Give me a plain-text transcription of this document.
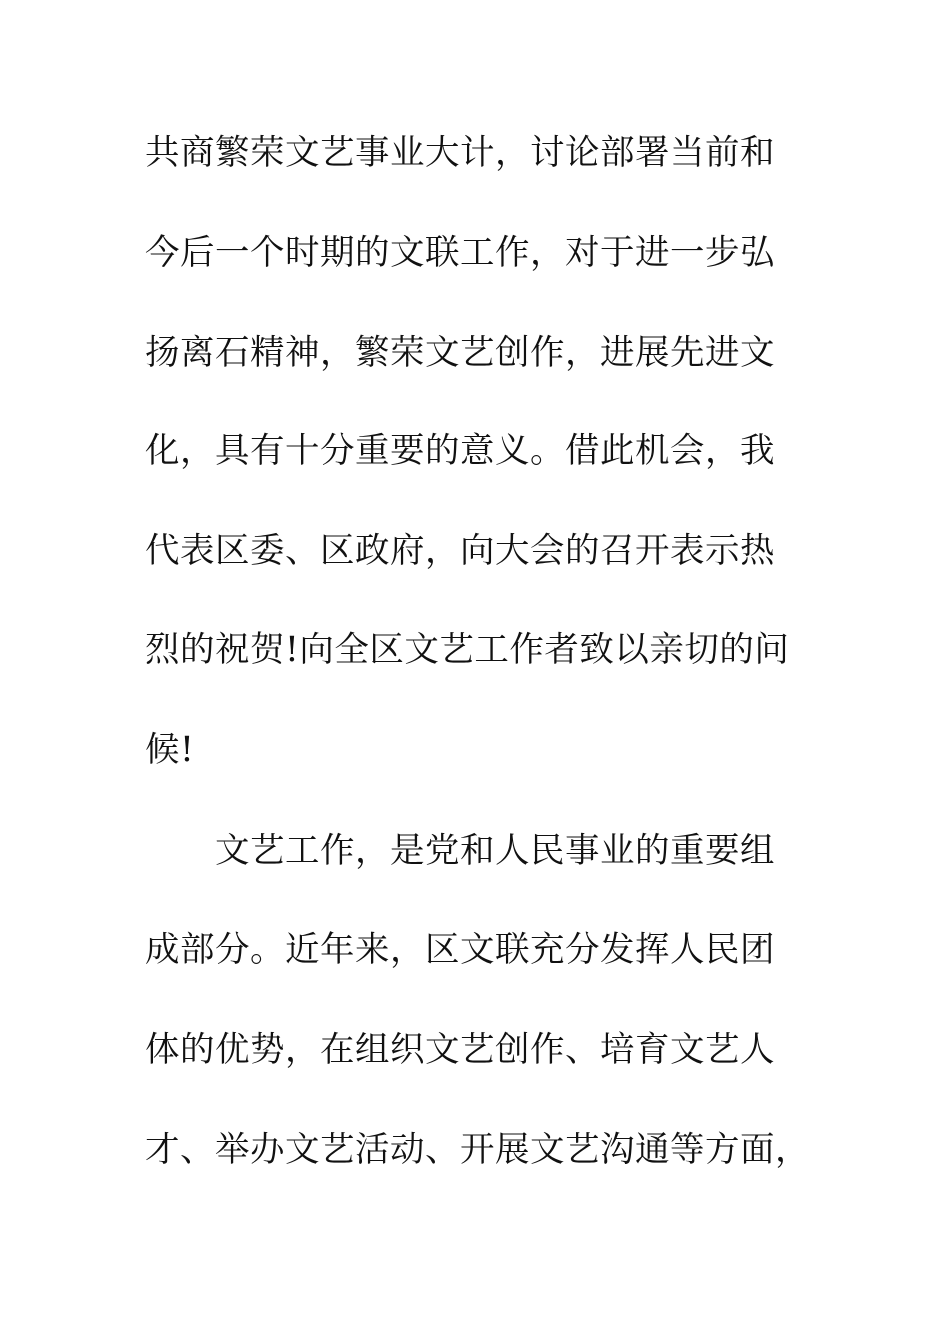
共商繁荣文艺事业大计，讨论部署当前和
今后一个时期的文联工作，对于进一步弘
扬离石精神，繁荣文艺创作，进展先进文
化，具有十分重要的意义。借此机会，我
代表区委、区政府，向大会的召开表示热
烈的祝贺!向全区文艺工作者致以亲切的问
候!
文艺工作，是党和人民事业的重要组
成部分。近年来，区文联充分发挥人民团
体的优势，在组织文艺创作、培育文艺人
才、举办文艺活动、开展文艺沟通等方面，
